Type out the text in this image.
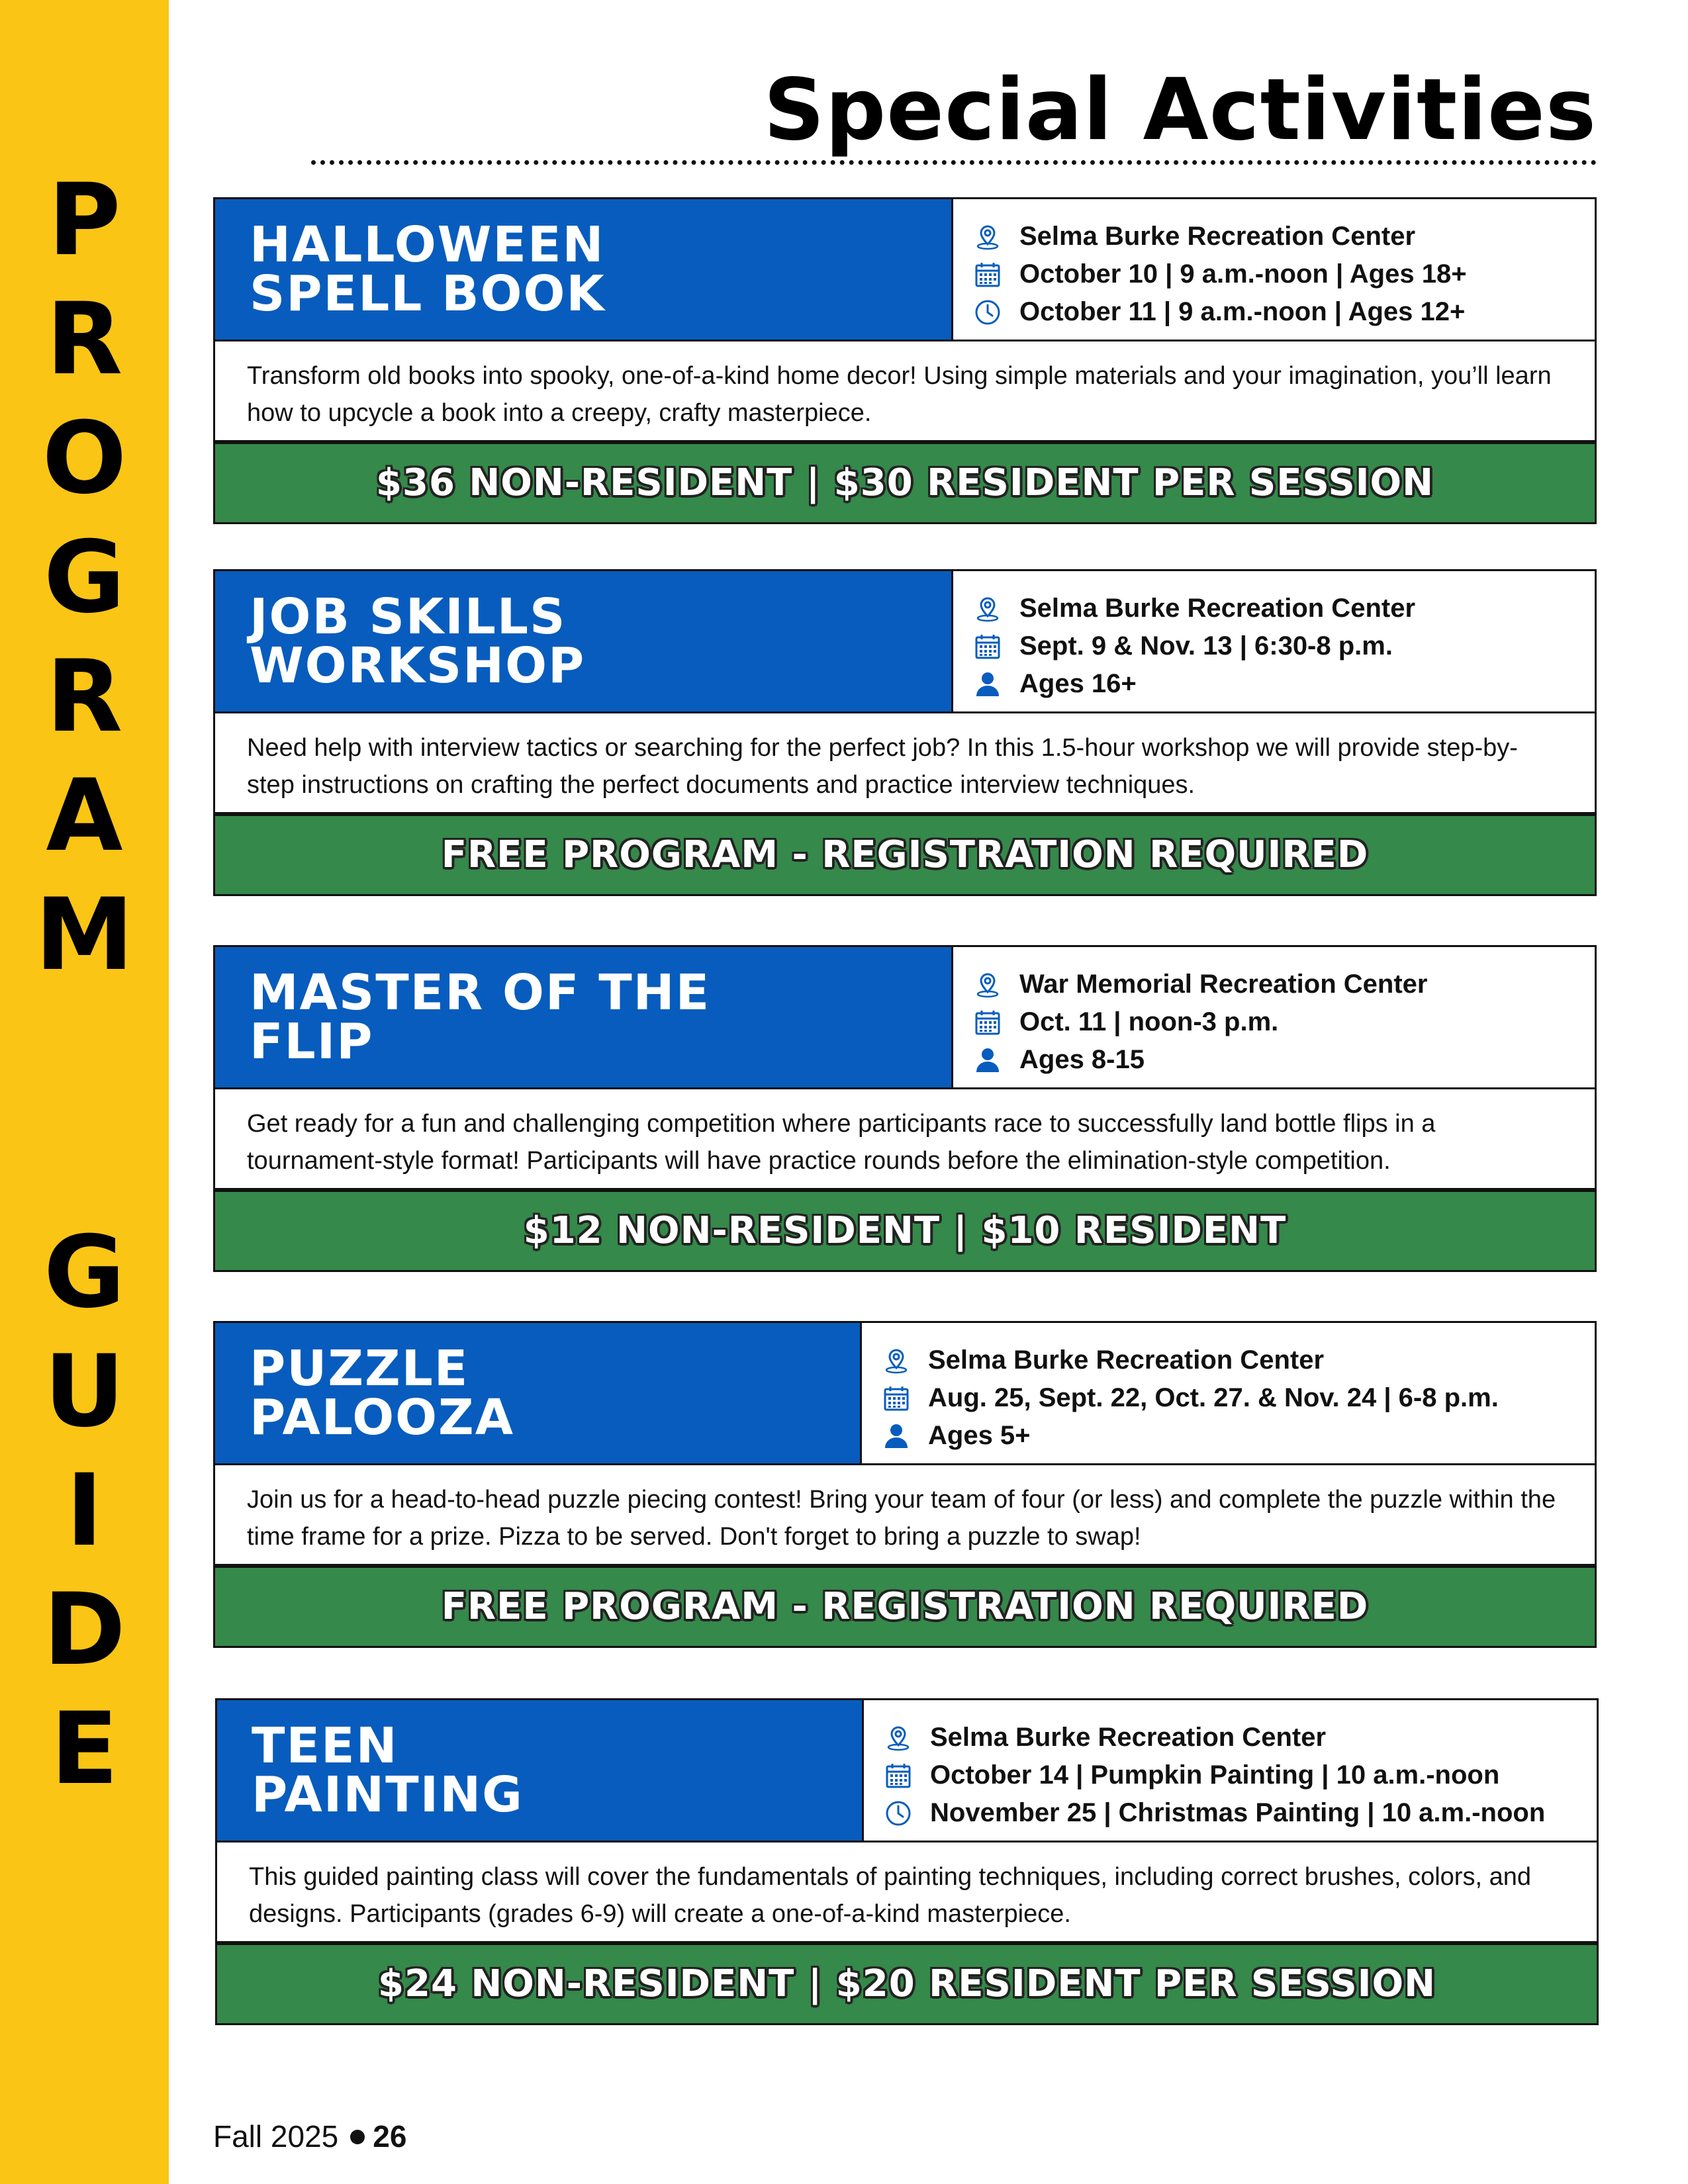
P
R
O
G
R
A
M
G
U
I
D
E
Special Activities
HALLOWEEN
SPELL BOOK
Selma Burke Recreation Center
October 10 | 9 a.m.-noon | Ages 18+
October 11 | 9 a.m.-noon | Ages 12+

Transform old books into spooky, one-of-a-kind home decor! Using simple materials and your imagination, you’ll learn how to upcycle a book into a creepy, crafty masterpiece.

$36 NON-RESIDENT | $30 RESIDENT PER SESSION
JOB SKILLS
WORKSHOP
Selma Burke Recreation Center
Sept. 9 & Nov. 13 | 6:30-8 p.m.
Ages 16+

Need help with interview tactics or searching for the perfect job? In this 1.5-hour workshop we will provide step-by-step instructions on crafting the perfect documents and practice interview techniques.

FREE PROGRAM - REGISTRATION REQUIRED
MASTER OF THE
FLIP
War Memorial Recreation Center
Oct. 11 | noon-3 p.m.
Ages 8-15

Get ready for a fun and challenging competition where participants race to successfully land bottle flips in a tournament-style format! Participants will have practice rounds before the elimination-style competition.

$12 NON-RESIDENT | $10 RESIDENT
PUZZLE
PALOOZA
Selma Burke Recreation Center
Aug. 25, Sept. 22, Oct. 27. & Nov. 24 | 6-8 p.m.
Ages 5+

Join us for a head-to-head puzzle piecing contest! Bring your team of four (or less) and complete the puzzle within the time frame for a prize. Pizza to be served. Don't forget to bring a puzzle to swap!

FREE PROGRAM - REGISTRATION REQUIRED
TEEN
PAINTING
Selma Burke Recreation Center
October 14 | Pumpkin Painting | 10 a.m.-noon
November 25 | Christmas Painting | 10 a.m.-noon

This guided painting class will cover the fundamentals of painting techniques, including correct brushes, colors, and designs. Participants (grades 6-9) will create a one-of-a-kind masterpiece.

$24 NON-RESIDENT | $20 RESIDENT PER SESSION
Fall 2025 26
